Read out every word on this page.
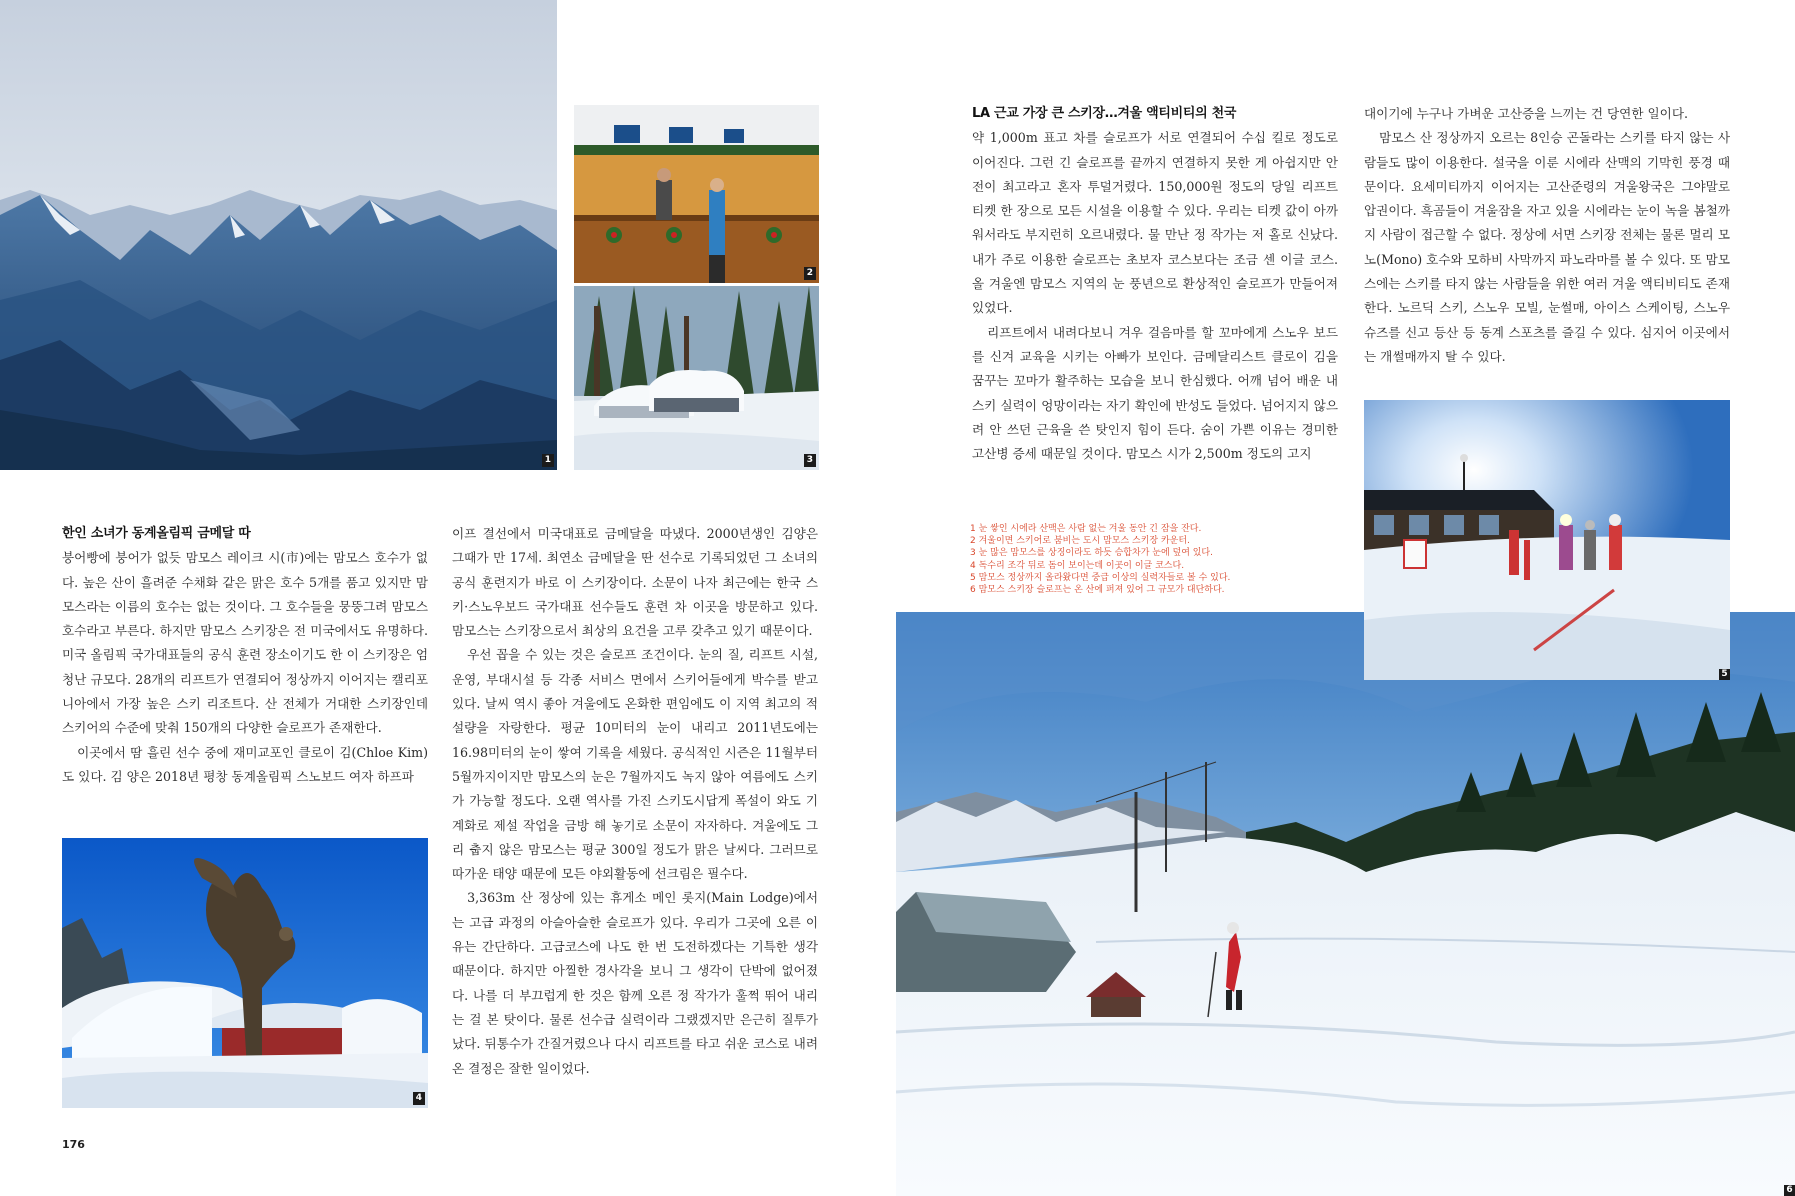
1
2
3
4
6
5
한인 소녀가 동계올림픽 금메달 따

붕어빵에 붕어가 없듯 맘모스 레이크 시(市)에는 맘모스 호수가 없다. 높은 산이 흘려준 수채화 같은 맑은 호수 5개를 품고 있지만 맘모스라는 이름의 호수는 없는 것이다. 그 호수들을 뭉뚱그려 맘모스 호수라고 부른다. 하지만 맘모스 스키장은 전 미국에서도 유명하다. 미국 올림픽 국가대표들의 공식 훈련 장소이기도 한 이 스키장은 엄청난 규모다. 28개의 리프트가 연결되어 정상까지 이어지는 캘리포니아에서 가장 높은 스키 리조트다. 산 전체가 거대한 스키장인데 스키어의 수준에 맞춰 150개의 다양한 슬로프가 존재한다.

이곳에서 땀 흘린 선수 중에 재미교포인 클로이 김(Chloe Kim)도 있다. 김 양은 2018년 평창 동계올림픽 스노보드 여자 하프파

이프 결선에서 미국대표로 금메달을 따냈다. 2000년생인 김양은 그때가 만 17세. 최연소 금메달을 딴 선수로 기록되었던 그 소녀의 공식 훈련지가 바로 이 스키장이다. 소문이 나자 최근에는 한국 스키·스노우보드 국가대표 선수들도 훈련 차 이곳을 방문하고 있다. 맘모스는 스키장으로서 최상의 요건을 고루 갖추고 있기 때문이다.

우선 꼽을 수 있는 것은 슬로프 조건이다. 눈의 질, 리프트 시설, 운영, 부대시설 등 각종 서비스 면에서 스키어들에게 박수를 받고 있다. 날씨 역시 좋아 겨울에도 온화한 편임에도 이 지역 최고의 적설량을 자랑한다. 평균 10미터의 눈이 내리고 2011년도에는 16.98미터의 눈이 쌓여 기록을 세웠다. 공식적인 시즌은 11월부터 5월까지이지만 맘모스의 눈은 7월까지도 녹지 않아 여름에도 스키가 가능할 정도다. 오랜 역사를 가진 스키도시답게 폭설이 와도 기계화로 제설 작업을 금방 해 놓기로 소문이 자자하다. 겨울에도 그리 춥지 않은 맘모스는 평균 300일 정도가 맑은 날씨다. 그러므로 따가운 태양 때문에 모든 야외활동에 선크림은 필수다.

3,363m 산 정상에 있는 휴게소 메인 롯지(Main Lodge)에서는 고급 과정의 아슬아슬한 슬로프가 있다. 우리가 그곳에 오른 이유는 간단하다. 고급코스에 나도 한 번 도전하겠다는 기특한 생각 때문이다. 하지만 아찔한 경사각을 보니 그 생각이 단박에 없어졌다. 나를 더 부끄럽게 한 것은 함께 오른 정 작가가 훌쩍 뛰어 내리는 걸 본 탓이다. 물론 선수급 실력이라 그랬겠지만 은근히 질투가 났다. 뒤통수가 간질거렸으나 다시 리프트를 타고 쉬운 코스로 내려 온 결정은 잘한 일이었다.

LA 근교 가장 큰 스키장…겨울 액티비티의 천국

약 1,000m 표고 차를 슬로프가 서로 연결되어 수십 킬로 정도로 이어진다. 그런 긴 슬로프를 끝까지 연결하지 못한 게 아쉽지만 안전이 최고라고 혼자 투덜거렸다. 150,000원 정도의 당일 리프트 티켓 한 장으로 모든 시설을 이용할 수 있다. 우리는 티켓 값이 아까워서라도 부지런히 오르내렸다. 물 만난 정 작가는 저 홀로 신났다. 내가 주로 이용한 슬로프는 초보자 코스보다는 조금 센 이글 코스. 올 겨울엔 맘모스 지역의 눈 풍년으로 환상적인 슬로프가 만들어져 있었다.

리프트에서 내려다보니 겨우 걸음마를 할 꼬마에게 스노우 보드를 신겨 교육을 시키는 아빠가 보인다. 금메달리스트 클로이 김을 꿈꾸는 꼬마가 활주하는 모습을 보니 한심했다. 어깨 넘어 배운 내 스키 실력이 엉망이라는 자기 확인에 반성도 들었다. 넘어지지 않으려 안 쓰던 근육을 쓴 탓인지 힘이 든다. 숨이 가쁜 이유는 경미한 고산병 증세 때문일 것이다. 맘모스 시가 2,500m 정도의 고지

대이기에 누구나 가벼운 고산증을 느끼는 건 당연한 일이다.

맘모스 산 정상까지 오르는 8인승 곤돌라는 스키를 타지 않는 사람들도 많이 이용한다. 설국을 이룬 시에라 산맥의 기막힌 풍경 때문이다. 요세미티까지 이어지는 고산준령의 겨울왕국은 그야말로 압권이다. 흑곰들이 겨울잠을 자고 있을 시에라는 눈이 녹을 봄철까지 사람이 접근할 수 없다. 정상에 서면 스키장 전체는 물론 멀리 모노(Mono) 호수와 모하비 사막까지 파노라마를 볼 수 있다. 또 맘모스에는 스키를 타지 않는 사람들을 위한 여러 겨울 액티비티도 존재한다. 노르딕 스키, 스노우 모빌, 눈썰매, 아이스 스케이팅, 스노우 슈즈를 신고 등산 등 동계 스포츠를 즐길 수 있다. 심지어 이곳에서는 개썰매까지 탈 수 있다.

1 눈 쌓인 시에라 산맥은 사람 없는 겨울 동안 긴 잠을 잔다.
2 겨울이면 스키어로 붐비는 도시 맘모스 스키장 카운터.
3 눈 많은 맘모스를 상징이라도 하듯 승합차가 눈에 덮여 있다.
4 독수리 조각 뒤로 돔이 보이는데 이곳이 이글 코스다.
5 맘모스 정상까지 올라왔다면 중급 이상의 실력자들로 볼 수 있다.
6 맘모스 스키장 슬로프는 온 산에 퍼져 있어 그 규모가 대단하다.
176
